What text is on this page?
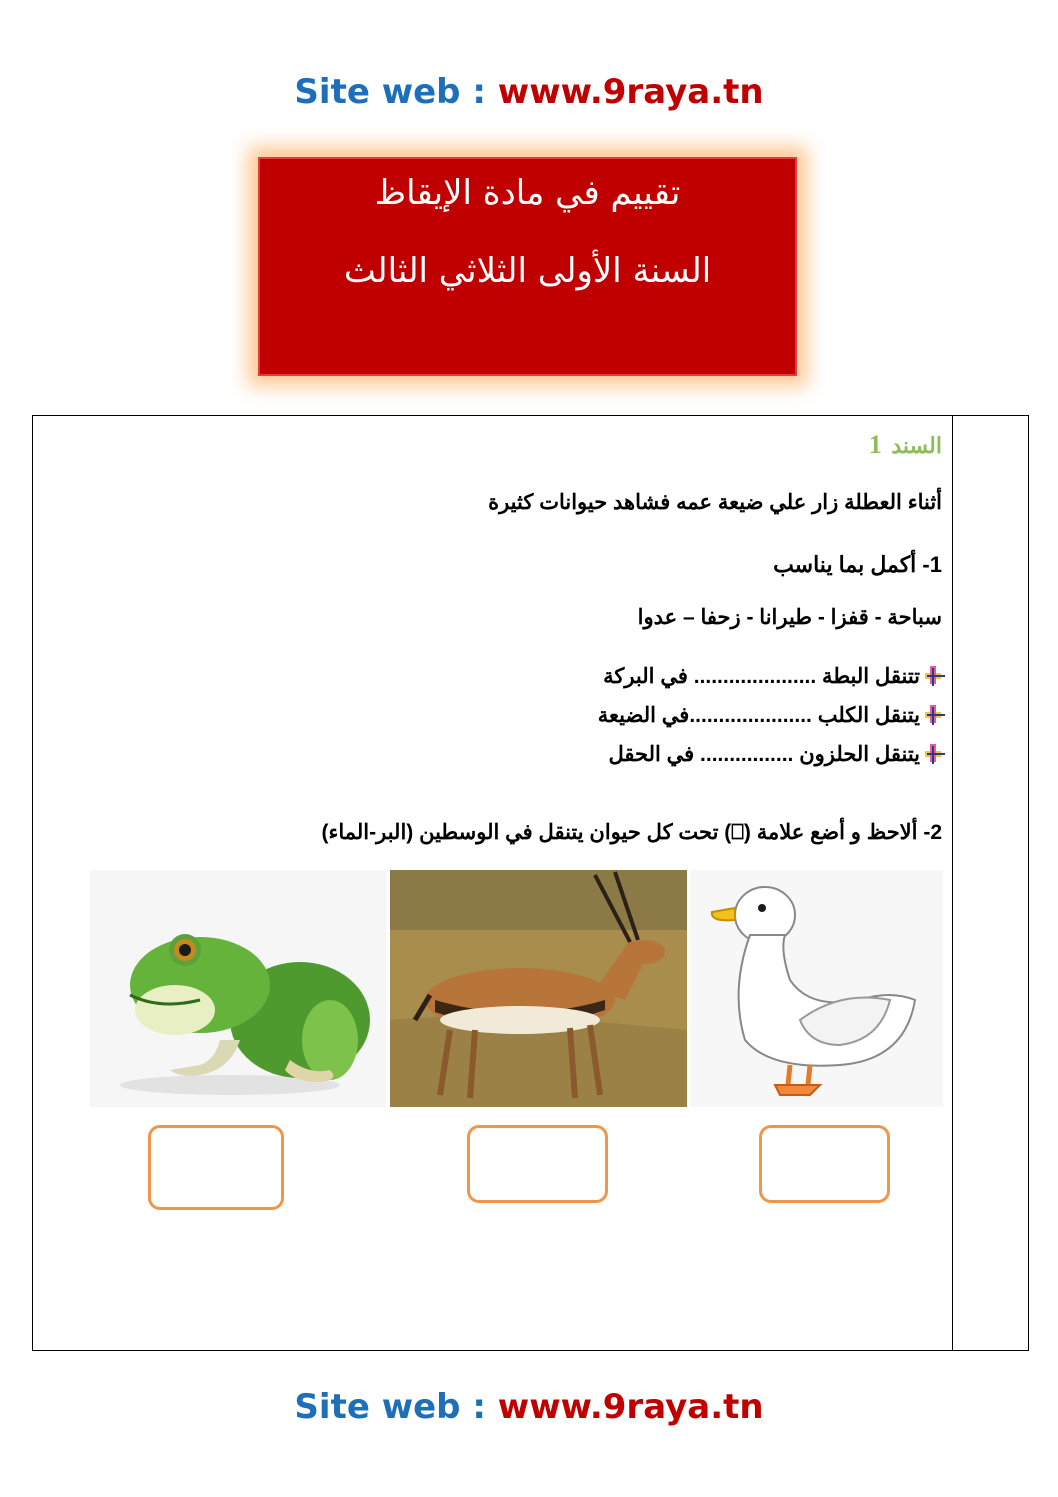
Site web : www.9raya.tn
تقييم في مادة الإيقاظ
السنة الأولى الثلاثي الثالث
السند 1
أثناء العطلة زار علي ضيعة عمه فشاهد حيوانات كثيرة
1- أكمل بما يناسب
سباحة - قفزا - طيرانا - زحفا – عدوا
تتنقل البطة ..................... في البركة
يتنقل الكلب .....................في الضيعة
يتنقل الحلزون ................ في الحقل
2- ألاحظ و أضع علامة (⎕) تحت كل حيوان يتنقل في الوسطين (البر-الماء)
Site web : www.9raya.tn
